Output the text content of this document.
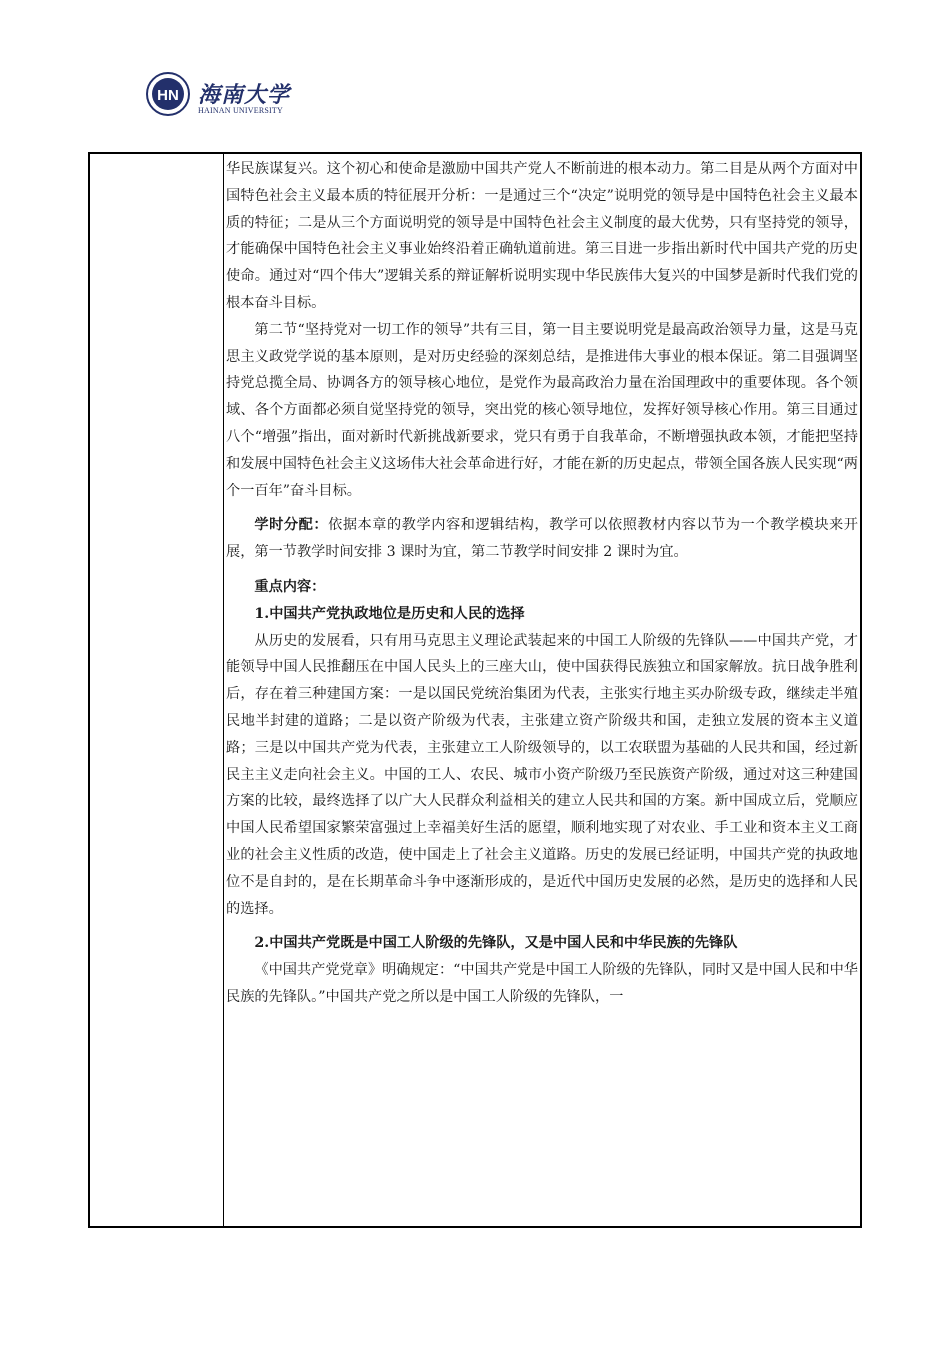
HN 海南大学
HAINAN UNIVERSITY

华民族谋复兴。这个初心和使命是激励中国共产党人不断前进的根本动力。第二目是从两个方面对中国特色社会主义最本质的特征展开分析：一是通过三个“决定”说明党的领导是中国特色社会主义最本质的特征；二是从三个方面说明党的领导是中国特色社会主义制度的最大优势，只有坚持党的领导，才能确保中国特色社会主义事业始终沿着正确轨道前进。第三目进一步指出新时代中国共产党的历史使命。通过对“四个伟大”逻辑关系的辩证解析说明实现中华民族伟大复兴的中国梦是新时代我们党的根本奋斗目标。

第二节“坚持党对一切工作的领导”共有三目，第一目主要说明党是最高政治领导力量，这是马克思主义政党学说的基本原则，是对历史经验的深刻总结，是推进伟大事业的根本保证。第二目强调坚持党总揽全局、协调各方的领导核心地位，是党作为最高政治力量在治国理政中的重要体现。各个领域、各个方面都必须自觉坚持党的领导，突出党的核心领导地位，发挥好领导核心作用。第三目通过八个“增强”指出，面对新时代新挑战新要求，党只有勇于自我革命，不断增强执政本领，才能把坚持和发展中国特色社会主义这场伟大社会革命进行好，才能在新的历史起点，带领全国各族人民实现“两个一百年”奋斗目标。

学时分配：依据本章的教学内容和逻辑结构，教学可以依照教材内容以节为一个教学模块来开展，第一节教学时间安排 3 课时为宜，第二节教学时间安排 2 课时为宜。

重点内容：

1.中国共产党执政地位是历史和人民的选择

从历史的发展看，只有用马克思主义理论武装起来的中国工人阶级的先锋队——中国共产党，才能领导中国人民推翻压在中国人民头上的三座大山，使中国获得民族独立和国家解放。抗日战争胜利后，存在着三种建国方案：一是以国民党统治集团为代表，主张实行地主买办阶级专政，继续走半殖民地半封建的道路；二是以资产阶级为代表，主张建立资产阶级共和国，走独立发展的资本主义道路；三是以中国共产党为代表，主张建立工人阶级领导的，以工农联盟为基础的人民共和国，经过新民主主义走向社会主义。中国的工人、农民、城市小资产阶级乃至民族资产阶级，通过对这三种建国方案的比较，最终选择了以广大人民群众利益相关的建立人民共和国的方案。新中国成立后，党顺应中国人民希望国家繁荣富强过上幸福美好生活的愿望，顺利地实现了对农业、手工业和资本主义工商业的社会主义性质的改造，使中国走上了社会主义道路。历史的发展已经证明，中国共产党的执政地位不是自封的，是在长期革命斗争中逐渐形成的，是近代中国历史发展的必然，是历史的选择和人民的选择。

2.中国共产党既是中国工人阶级的先锋队，又是中国人民和中华民族的先锋队

《中国共产党党章》明确规定：“中国共产党是中国工人阶级的先锋队，同时又是中国人民和中华民族的先锋队。”中国共产党之所以是中国工人阶级的先锋队，一
